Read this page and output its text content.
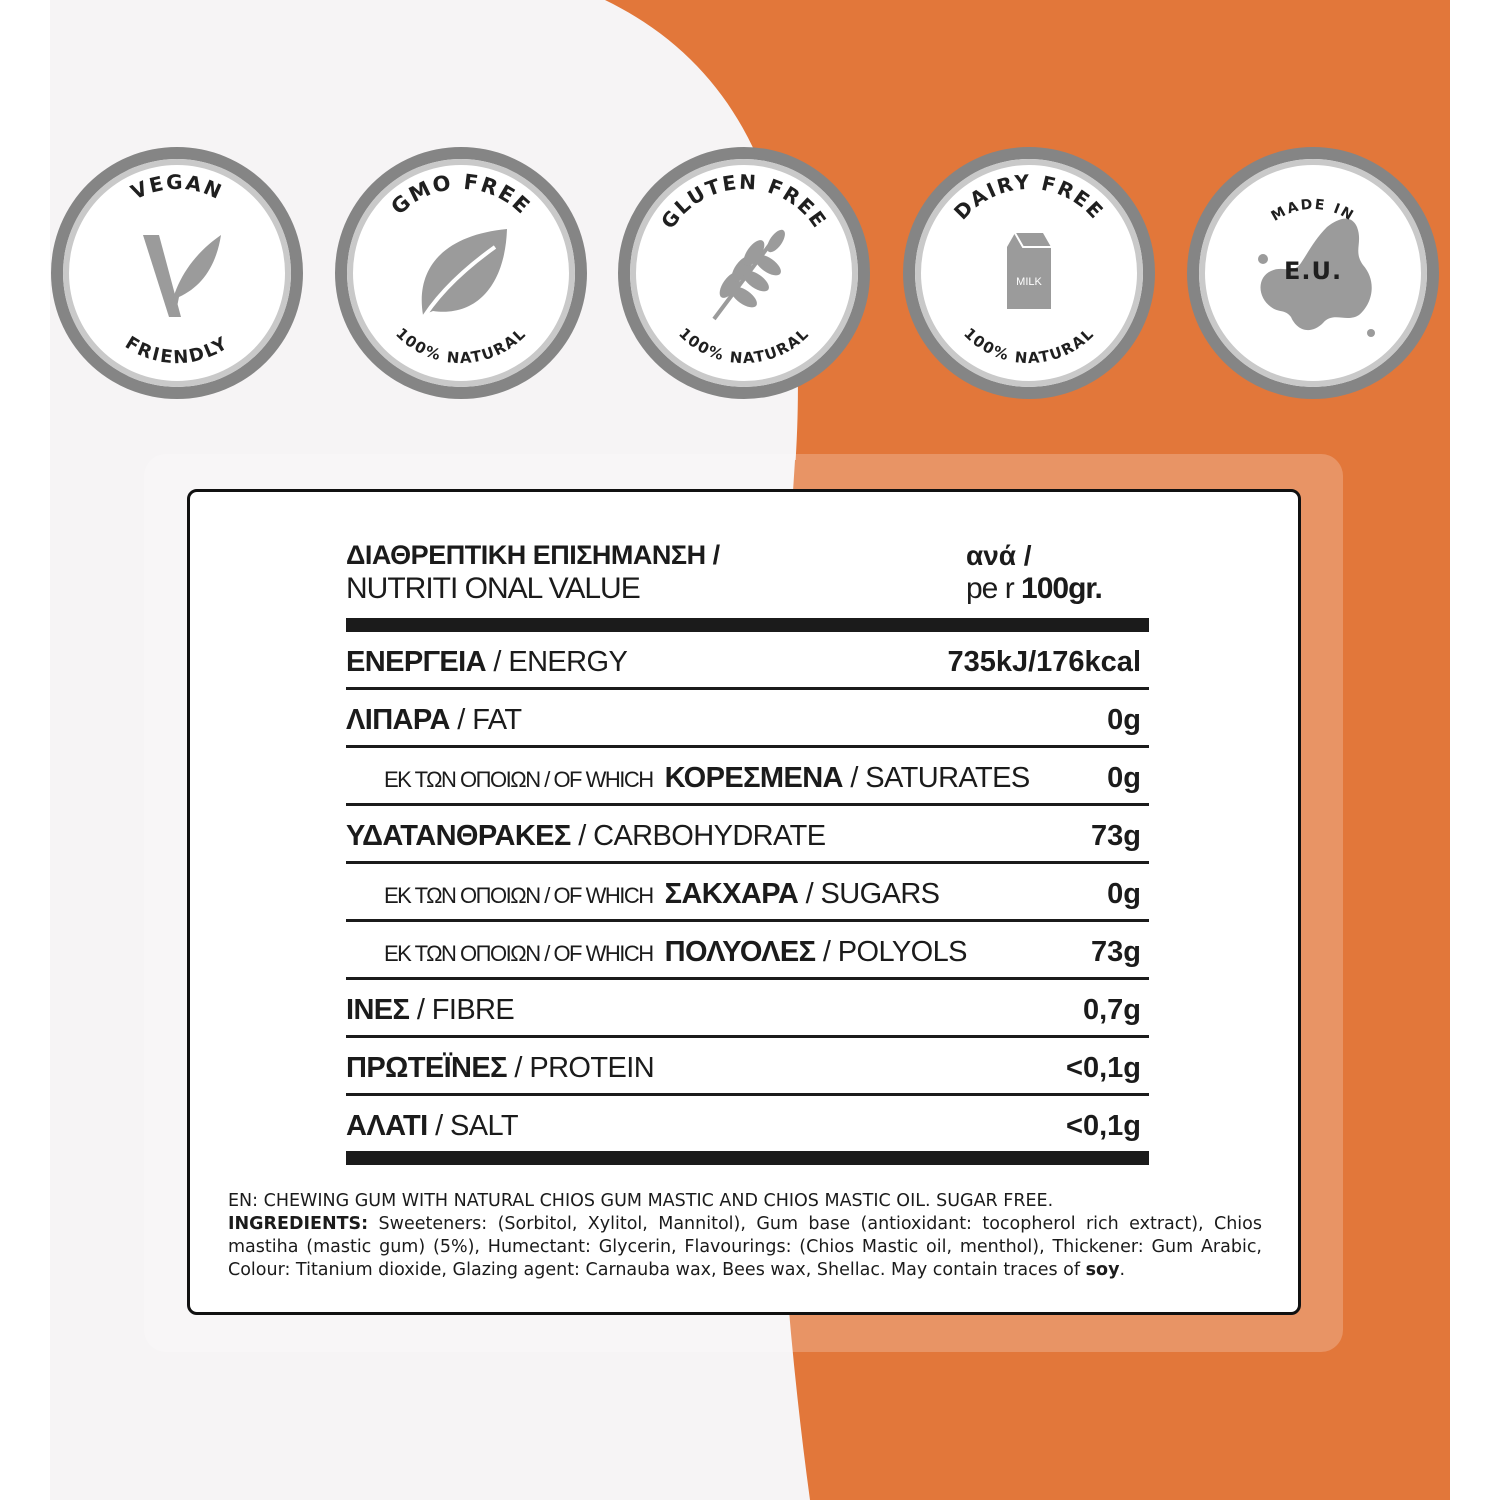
VEGAN
FRIENDLY
GMO FREE
100% NATURAL
GLUTEN FREE
100% NATURAL
DAIRY FREE
100% NATURAL
MILK
MADE IN
E.U.
ΔΙΑΘΡΕΠΤΙΚΗ ΕΠΙΣΗΜΑΝΣΗ /
NUTRITI ONAL VALUE
ανά /
pe r 100gr.
ΕΝΕΡΓΕΙΑ / ENERGY	735kJ/176kcal
ΛΙΠΑΡΑ / FAT	0g
ΕΚ ΤΩΝ ΟΠΟΙΩΝ / OF WHICH ΚΟΡΕΣΜΕΝΑ / SATURATES	0g
ΥΔΑΤΑΝΘΡΑΚΕΣ / CARBOHYDRATE	73g
ΕΚ ΤΩΝ ΟΠΟΙΩΝ / OF WHICH ΣΑΚΧΑΡΑ / SUGARS	0g
ΕΚ ΤΩΝ ΟΠΟΙΩΝ / OF WHICH ΠΟΛΥΟΛΕΣ / POLYOLS	73g
ΙΝΕΣ / FIBRE	0,7g
ΠΡΩΤΕΪΝΕΣ / PROTEIN	<0,1g
ΑΛΑΤΙ / SALT	<0,1g
EN: CHEWING GUM WITH NATURAL CHIOS GUM MASTIC AND CHIOS MASTIC OIL. SUGAR FREE.
INGREDIENTS: Sweeteners: (Sorbitol, Xylitol, Mannitol), Gum base (antioxidant: tocopherol rich extract), Chios mastiha (mastic gum) (5%), Humectant: Glycerin, Flavourings: (Chios Mastic oil, menthol), Thickener: Gum Arabic, Colour: Titanium dioxide, Glazing agent: Carnauba wax, Bees wax, Shellac. May contain traces of soy.
